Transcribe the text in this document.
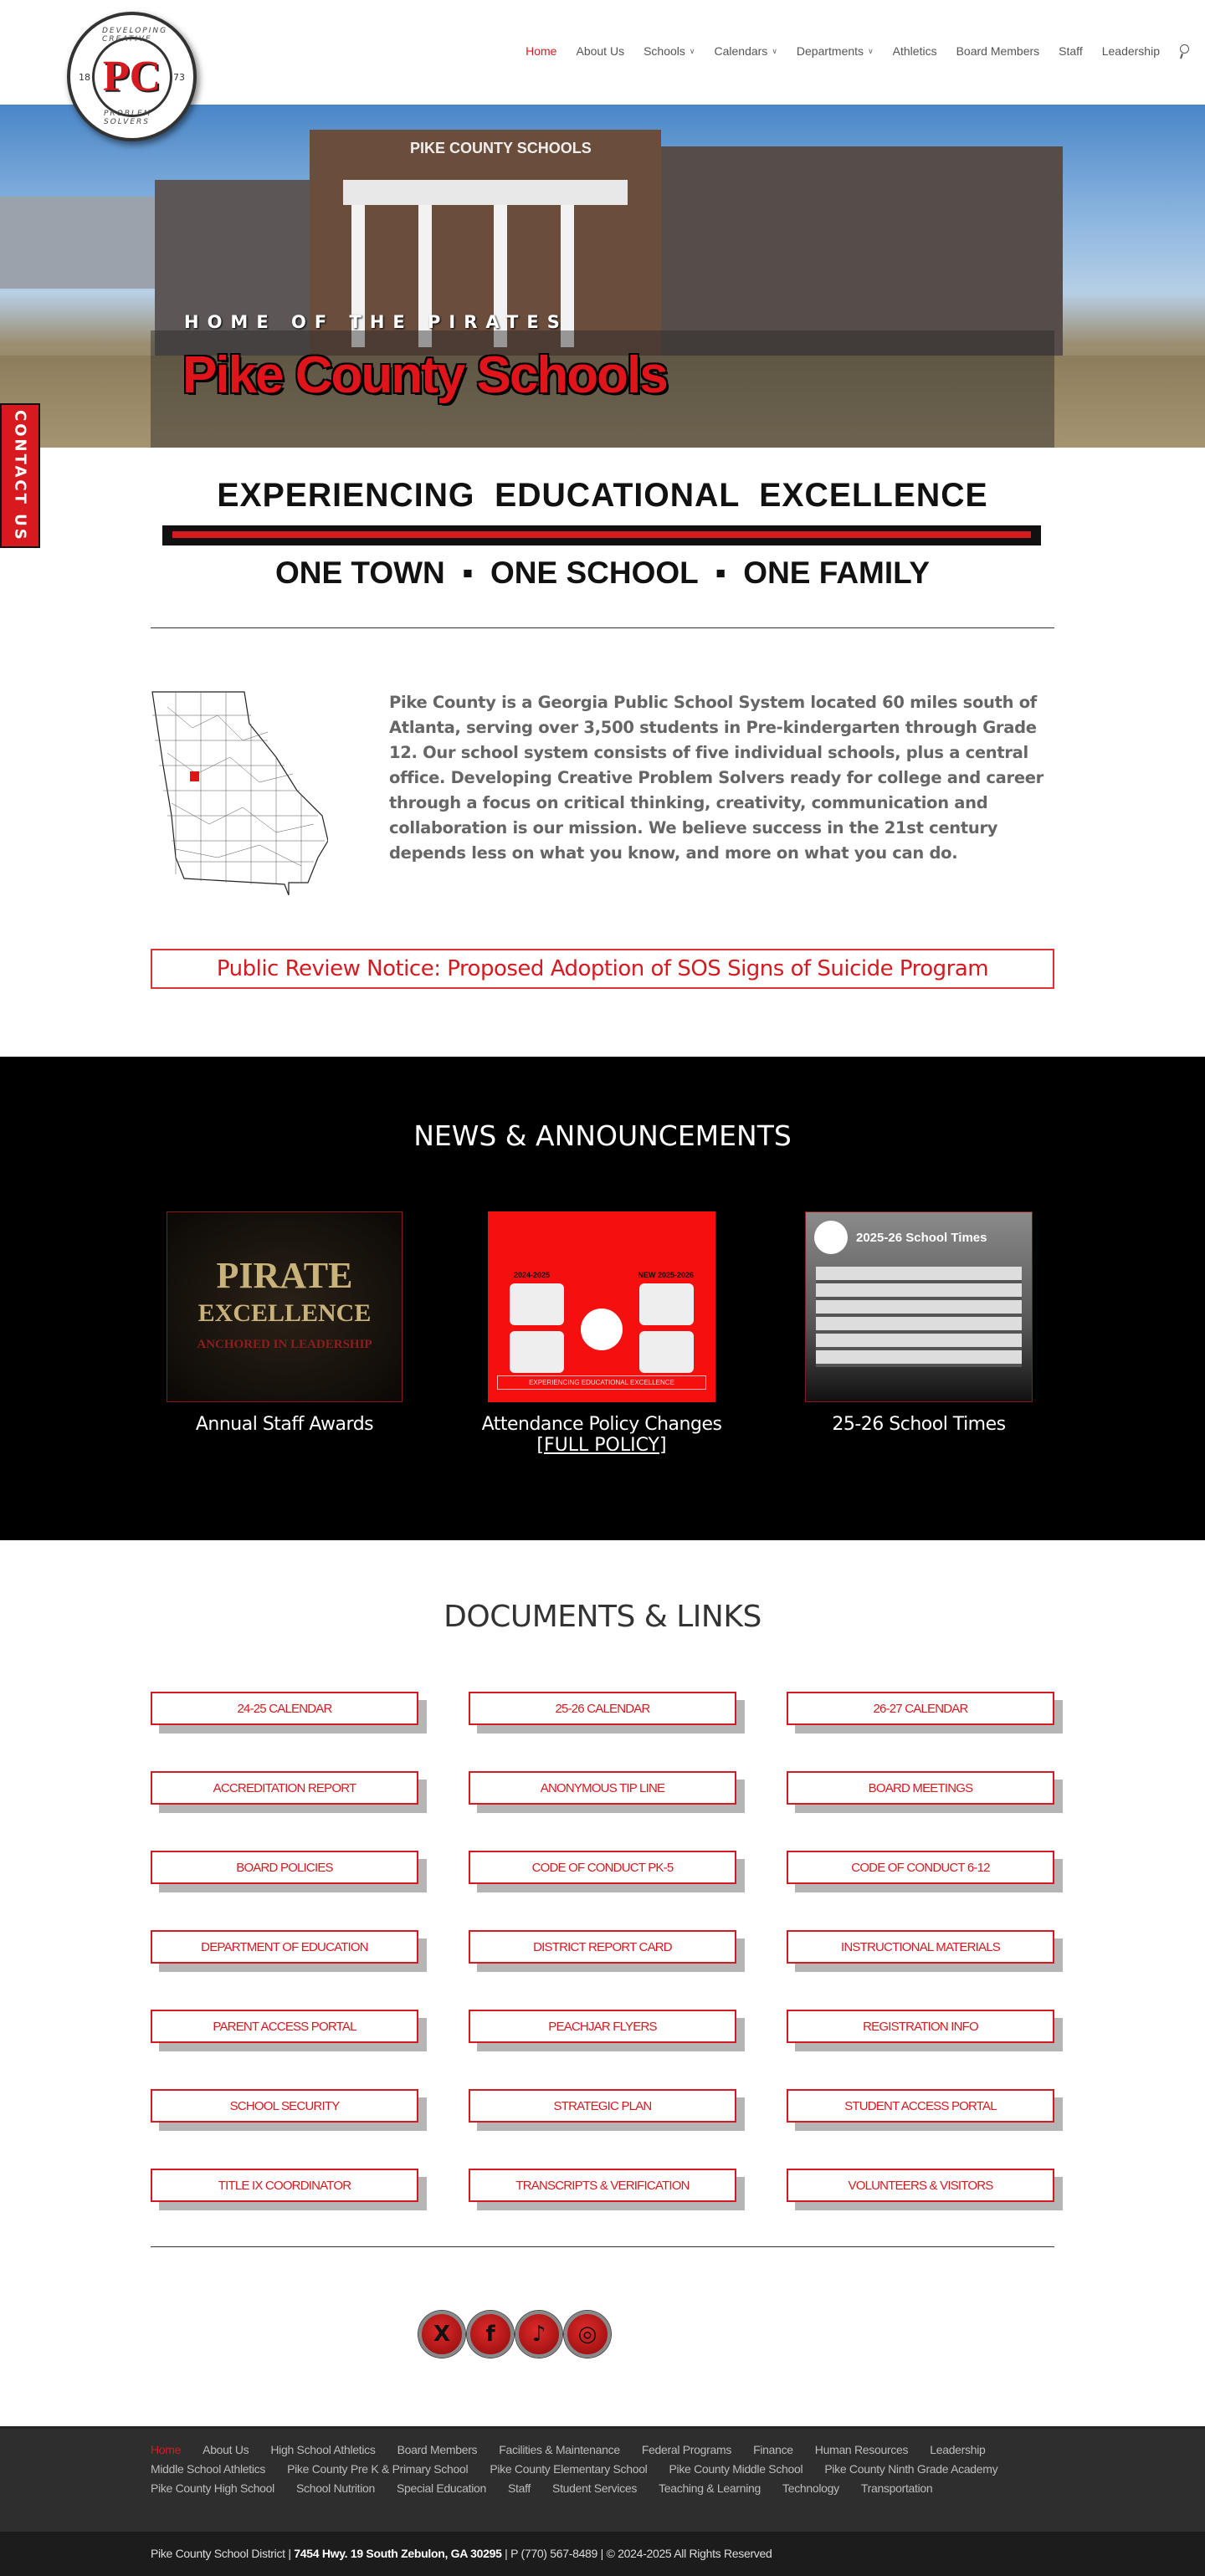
DEVELOPING CREATIVE
18 PC	73
PROBLEM SOLVERS
Home About Us Schools ∨ Calendars ∨ Departments ∨ Athletics Board Members Staff Leadership
PIKE COUNTY SCHOOLS
HOME OF THE PIRATES
Pike County Schools
CONTACT US	EXPERIENCING  EDUCATIONAL  EXCELLENCE
ONE TOWN  ▪  ONE SCHOOL  ▪  ONE FAMILY
Pike County is a Georgia Public School System located 60 miles south of Atlanta, serving over 3,500 students in Pre-kindergarten through Grade 12. Our school system consists of five individual schools, plus a central office. Developing Creative Problem Solvers ready for college and career through a focus on critical thinking, creativity, communication and collaboration is our mission. We believe success in the 21st century depends less on what you know, and more on what you can do.
Public Review Notice: Proposed Adoption of SOS Signs of Suicide Program
NEWS & ANNOUNCEMENTS
PIRATE
EXCELLENCE
ANCHORED IN LEADERSHIP
Annual Staff Awards
2024-2025	NEW 2025-2026
EXPERIENCING EDUCATIONAL EXCELLENCE
Attendance Policy Changes
[FULL POLICY]
2025-26 School Times
25-26 School Times
DOCUMENTS & LINKS
24-25 CALENDAR	25-26 CALENDAR	26-27 CALENDAR
ACCREDITATION REPORT	ANONYMOUS TIP LINE	BOARD MEETINGS
BOARD POLICIES	CODE OF CONDUCT PK-5	CODE OF CONDUCT 6-12
DEPARTMENT OF EDUCATION	DISTRICT REPORT CARD	INSTRUCTIONAL MATERIALS
PARENT ACCESS PORTAL	PEACHJAR FLYERS	REGISTRATION INFO
SCHOOL SECURITY	STRATEGIC PLAN	STUDENT ACCESS PORTAL
TITLE IX COORDINATOR	TRANSCRIPTS & VERIFICATION	VOLUNTEERS & VISITORS
X	f	♪	◎
Home About Us High School Athletics Board Members Facilities & Maintenance Federal Programs Finance Human Resources Leadership
Middle School Athletics Pike County Pre K & Primary School Pike County Elementary School Pike County Middle School Pike County Ninth Grade Academy
Pike County High School School Nutrition Special Education Staff Student Services Teaching & Learning Technology Transportation
Pike County School District | 7454 Hwy. 19 South Zebulon, GA 30295 | P (770) 567-8489 | © 2024-2025 All Rights Reserved
